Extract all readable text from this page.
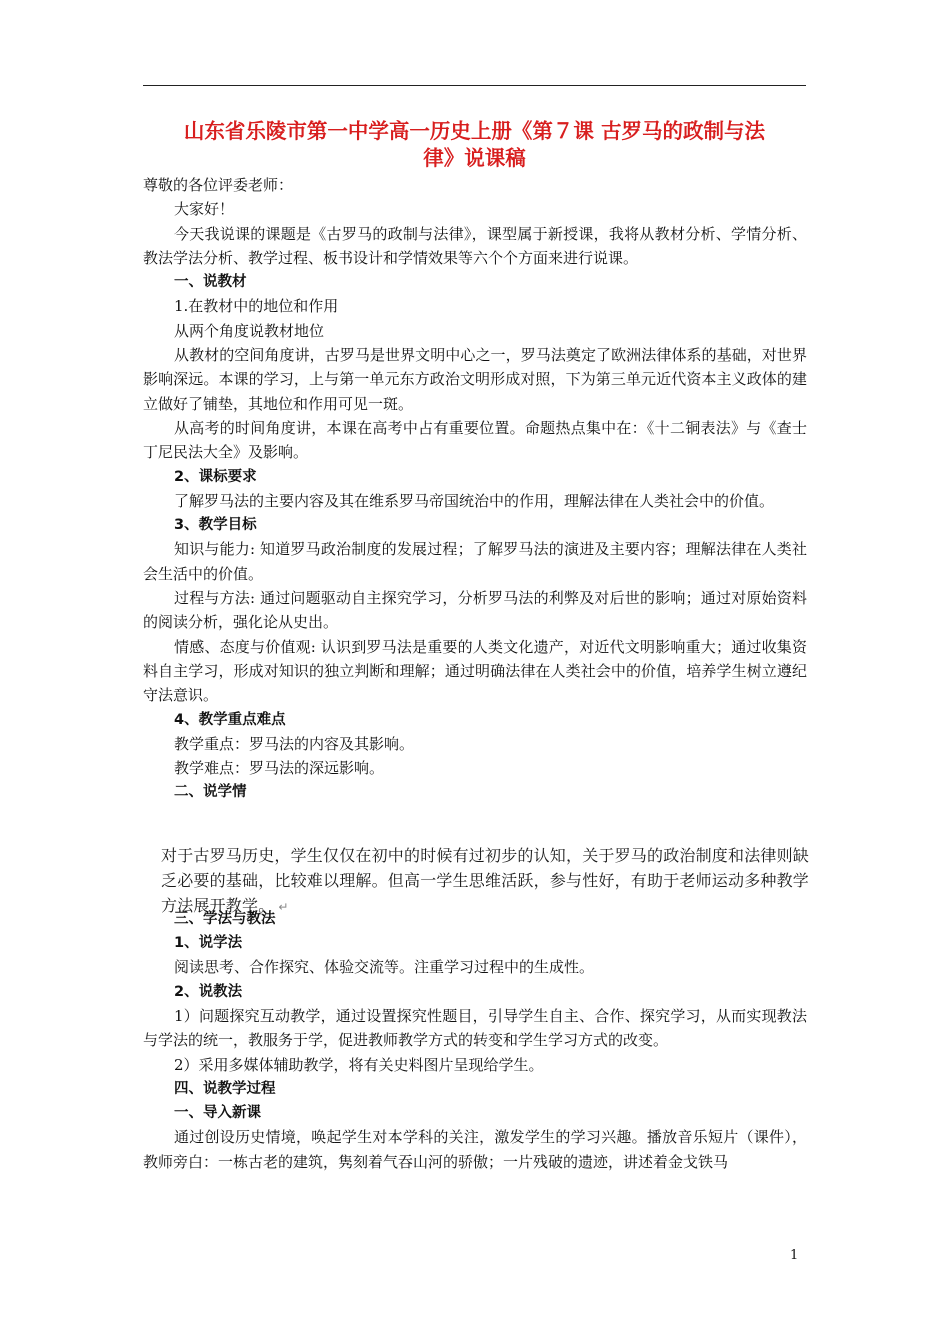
山东省乐陵市第一中学高一历史上册《第７课 古罗马的政制与法
律》说课稿

尊敬的各位评委老师：

大家好！

今天我说课的课题是《古罗马的政制与法律》，课型属于新授课，我将从教材分析、学情分析、教法学法分析、教学过程、板书设计和学情效果等六个个方面来进行说课。

一、说教材

1.在教材中的地位和作用

从两个角度说教材地位

从教材的空间角度讲，古罗马是世界文明中心之一，罗马法奠定了欧洲法律体系的基础，对世界影响深远。本课的学习，上与第一单元东方政治文明形成对照，下为第三单元近代资本主义政体的建立做好了铺垫，其地位和作用可见一斑。

从高考的时间角度讲，本课在高考中占有重要位置。命题热点集中在：《十二铜表法》与《查士丁尼民法大全》及影响。

2、课标要求

了解罗马法的主要内容及其在维系罗马帝国统治中的作用，理解法律在人类社会中的价值。

3、教学目标

知识与能力: 知道罗马政治制度的发展过程；了解罗马法的演进及主要内容；理解法律在人类社会生活中的价值。

过程与方法: 通过问题驱动自主探究学习，分析罗马法的利弊及对后世的影响；通过对原始资料的阅读分析，强化论从史出。

情感、态度与价值观: 认识到罗马法是重要的人类文化遗产，对近代文明影响重大；通过收集资料自主学习，形成对知识的独立判断和理解；通过明确法律在人类社会中的价值，培养学生树立遵纪守法意识。

4、教学重点难点

教学重点：罗马法的内容及其影响。

教学难点：罗马法的深远影响。

二、说学情

对于古罗马历史，学生仅仅在初中的时候有过初步的认知，关于罗马的政治制度和法律则缺乏必要的基础，比较难以理解。但高一学生思维活跃，参与性好，有助于老师运动多种教学方法展开教学。 ↵

三、学法与教法

1、说学法

阅读思考、合作探究、体验交流等。注重学习过程中的生成性。

2、说教法

1）问题探究互动教学，通过设置探究性题目，引导学生自主、合作、探究学习，从而实现教法与学法的统一，教服务于学，促进教师教学方式的转变和学生学习方式的改变。

2）采用多媒体辅助教学，将有关史料图片呈现给学生。

四、说教学过程

一、导入新课

通过创设历史情境，唤起学生对本学科的关注，激发学生的学习兴趣。播放音乐短片（课件），教师旁白：一栋古老的建筑，隽刻着气吞山河的骄傲；一片残破的遗迹，讲述着金戈铁马

1
